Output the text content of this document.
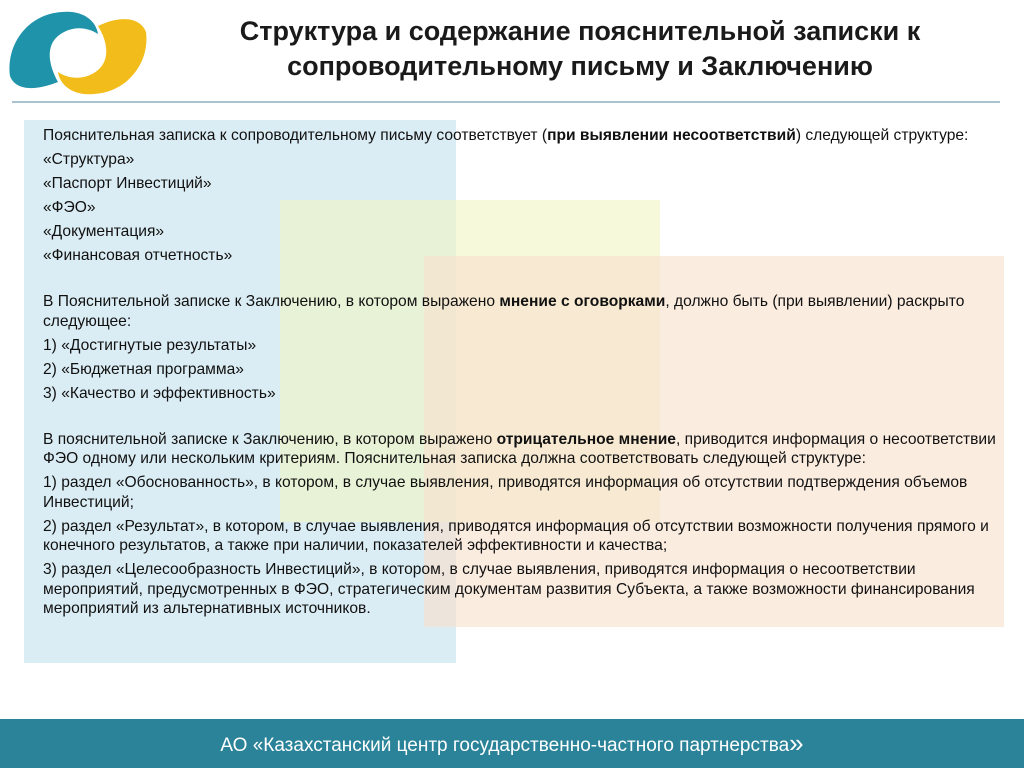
Структура и содержание пояснительной записки к
сопроводительному письму и Заключению

Пояснительная записка к сопроводительному письму соответствует (при выявлении несоответствий) следующей структуре:

«Структура»

«Паспорт Инвестиций»

«ФЭО»

«Документация»

«Финансовая отчетность»

В Пояснительной записке к Заключению, в котором выражено мнение с оговорками, должно быть (при выявлении) раскрыто следующее:

1) «Достигнутые результаты»

2) «Бюджетная программа»

3) «Качество и эффективность»

В пояснительной записке к Заключению, в котором выражено отрицательное мнение, приводится информация о несоответствии ФЭО одному или нескольким критериям. Пояснительная записка должна соответствовать следующей структуре:

1) раздел «Обоснованность», в котором, в случае выявления, приводятся информация об отсутствии подтверждения объемов Инвестиций;

2) раздел «Результат», в котором, в случае выявления, приводятся информация об отсутствии возможности получения прямого и конечного результатов, а также при наличии, показателей эффективности и качества;

3) раздел «Целесообразность Инвестиций», в котором, в случае выявления, приводятся информация о несоответствии мероприятий, предусмотренных в ФЭО, стратегическим документам развития Субъекта, а также возможности финансирования мероприятий из альтернативных источников.

АО «Казахстанский центр государственно-частного партнерства»
